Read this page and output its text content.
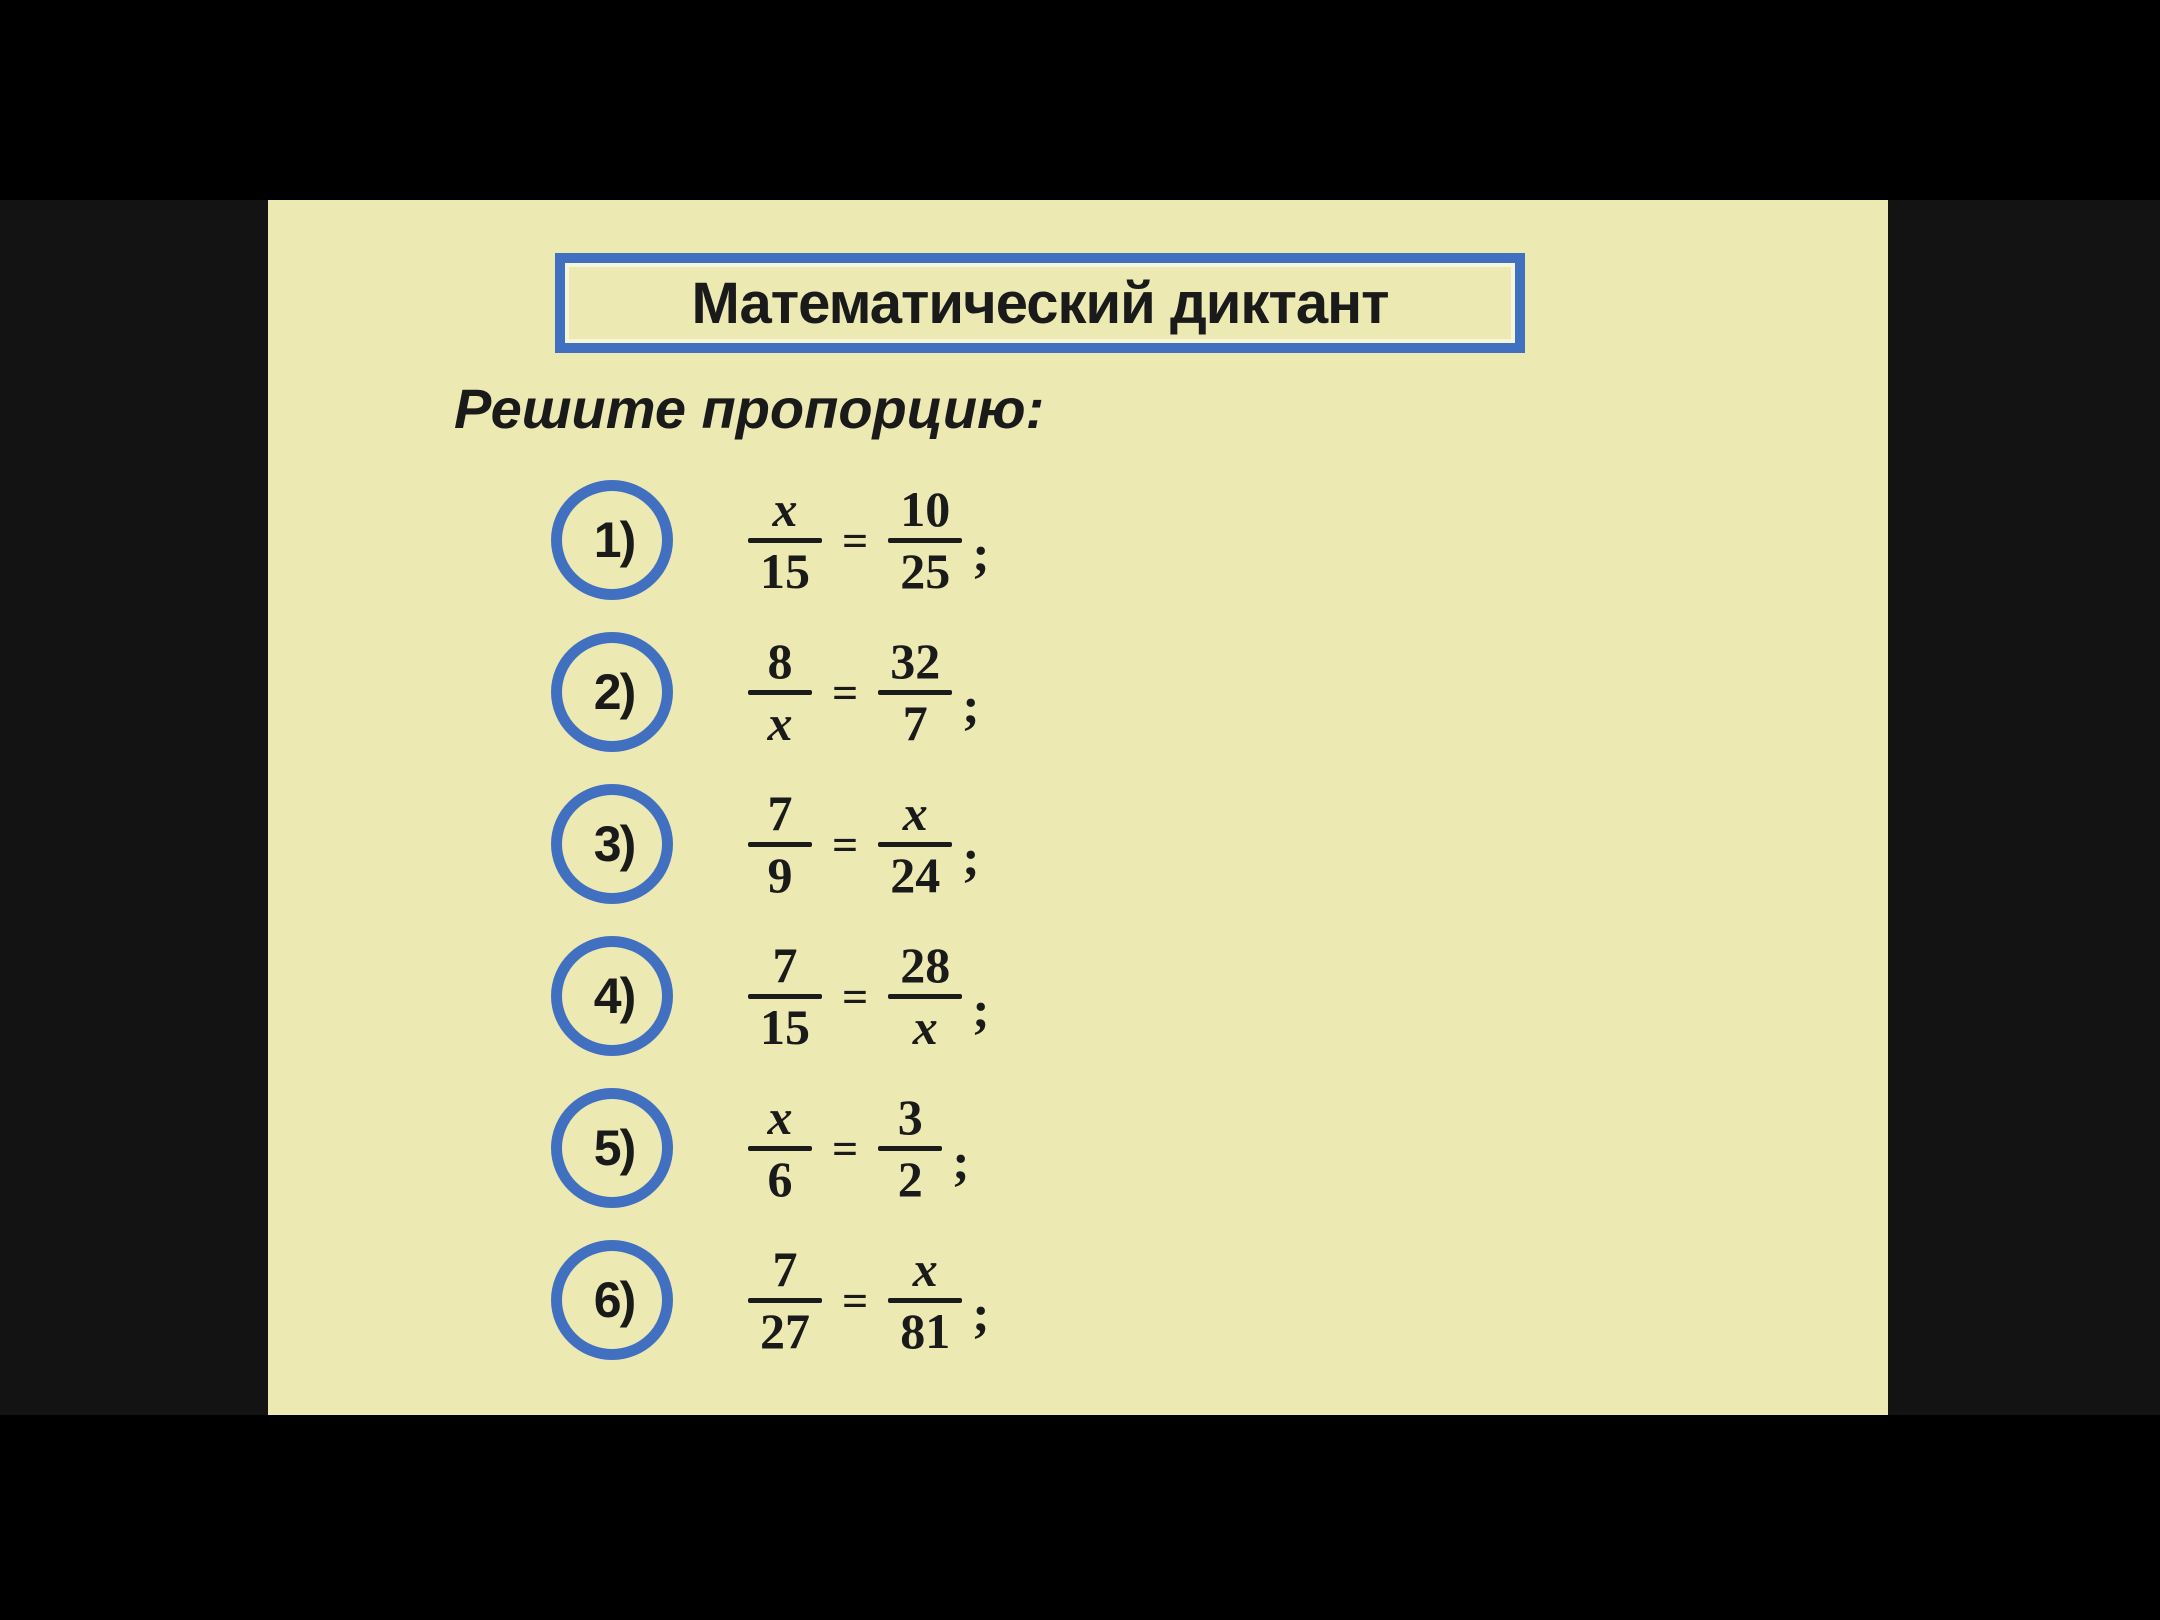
Математический диктант
Решите пропорцию:
1)
x
15
=
10
25 ;
2)
8
x
=
32
7 ;
3)
7
9
=
x
24 ;
4)
7
15
=
28
x ;
5)
x
6
=
3
2 ;
6)
7
27
=
x
81 ;
